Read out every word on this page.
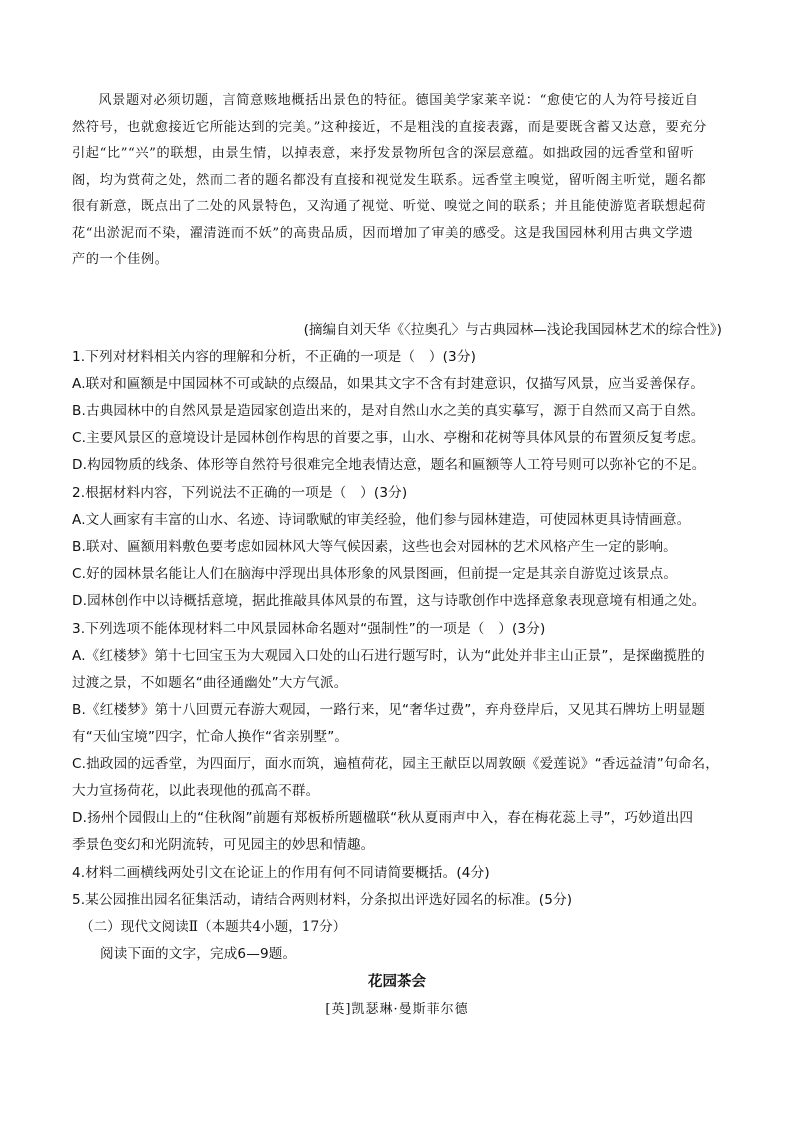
风景题对必须切题，言简意赅地概括出景色的特征。德国美学家莱辛说：“愈使它的人为符号接近自
然符号，也就愈接近它所能达到的完美。”这种接近，不是粗浅的直接表露，而是要既含蓄又达意，要充分
引起“比”“兴”的联想，由景生情，以掉表意，来抒发景物所包含的深层意蕴。如拙政园的远香堂和留听
阁，均为赏荷之处，然而二者的题名都没有直接和视觉发生联系。远香堂主嗅觉，留听阁主听觉，题名都
很有新意，既点出了二处的风景特色，又沟通了视觉、听觉、嗅觉之间的联系；并且能使游览者联想起荷
花“出淤泥而不染，濯清涟而不妖”的高贵品质，因而增加了审美的感受。这是我国园林利用古典文学遗
产的一个佳例。
(摘编自刘天华《〈拉奥孔〉与古典园林—浅论我国园林艺术的综合性》)
1.下列对材料相关内容的理解和分析，不正确的一项是（　）(3分)
A.联对和匾额是中国园林不可或缺的点缀品，如果其文字不含有封建意识，仅描写风景，应当妥善保存。
B.古典园林中的自然风景是造园家创造出来的，是对自然山水之美的真实摹写，源于自然而又高于自然。
C.主要风景区的意境设计是园林创作构思的首要之事，山水、亭榭和花树等具体风景的布置须反复考虑。
D.构园物质的线条、体形等自然符号很难完全地表情达意，题名和匾额等人工符号则可以弥补它的不足。
2.根据材料内容，下列说法不正确的一项是（　）(3分)
A.文人画家有丰富的山水、名迹、诗词歌赋的审美经验，他们参与园林建造，可使园林更具诗情画意。
B.联对、匾额用料敷色要考虑如园林风大等气候因素，这些也会对园林的艺术风格产生一定的影响。
C.好的园林景名能让人们在脑海中浮现出具体形象的风景图画，但前提一定是其亲自游览过该景点。
D.园林创作中以诗概括意境，据此推敲具体风景的布置，这与诗歌创作中选择意象表现意境有相通之处。
3.下列选项不能体现材料二中风景园林命名题对“强制性”的一项是（　）(3分)
A.《红楼梦》第十七回宝玉为大观园入口处的山石进行题写时，认为“此处并非主山正景”，是探幽揽胜的
过渡之景，不如题名“曲径通幽处”大方气派。
B.《红楼梦》第十八回贾元春游大观园，一路行来，见“奢华过费”，弃舟登岸后，又见其石牌坊上明显题
有“天仙宝境”四字，忙命人换作“省亲别墅”。
C.拙政园的远香堂，为四面厅，面水而筑，遍植荷花，园主王献臣以周敦颐《爱莲说》“香远益清”句命名，
大力宣扬荷花，以此表现他的孤高不群。
D.扬州个园假山上的“住秋阁”前题有郑板桥所题楹联“秋从夏雨声中入，春在梅花蕊上寻”，巧妙道出四
季景色变幻和光阴流转，可见园主的妙思和情趣。
4.材料二画横线两处引文在论证上的作用有何不同请简要概括。(4分)
5.某公园推出园名征集活动，请结合两则材料，分条拟出评选好园名的标准。(5分)
（二）现代文阅读Ⅱ（本题共4小题，17分）
阅读下面的文字，完成6—9题。
花园茶会
[英]凯瑟琳·曼斯菲尔德
